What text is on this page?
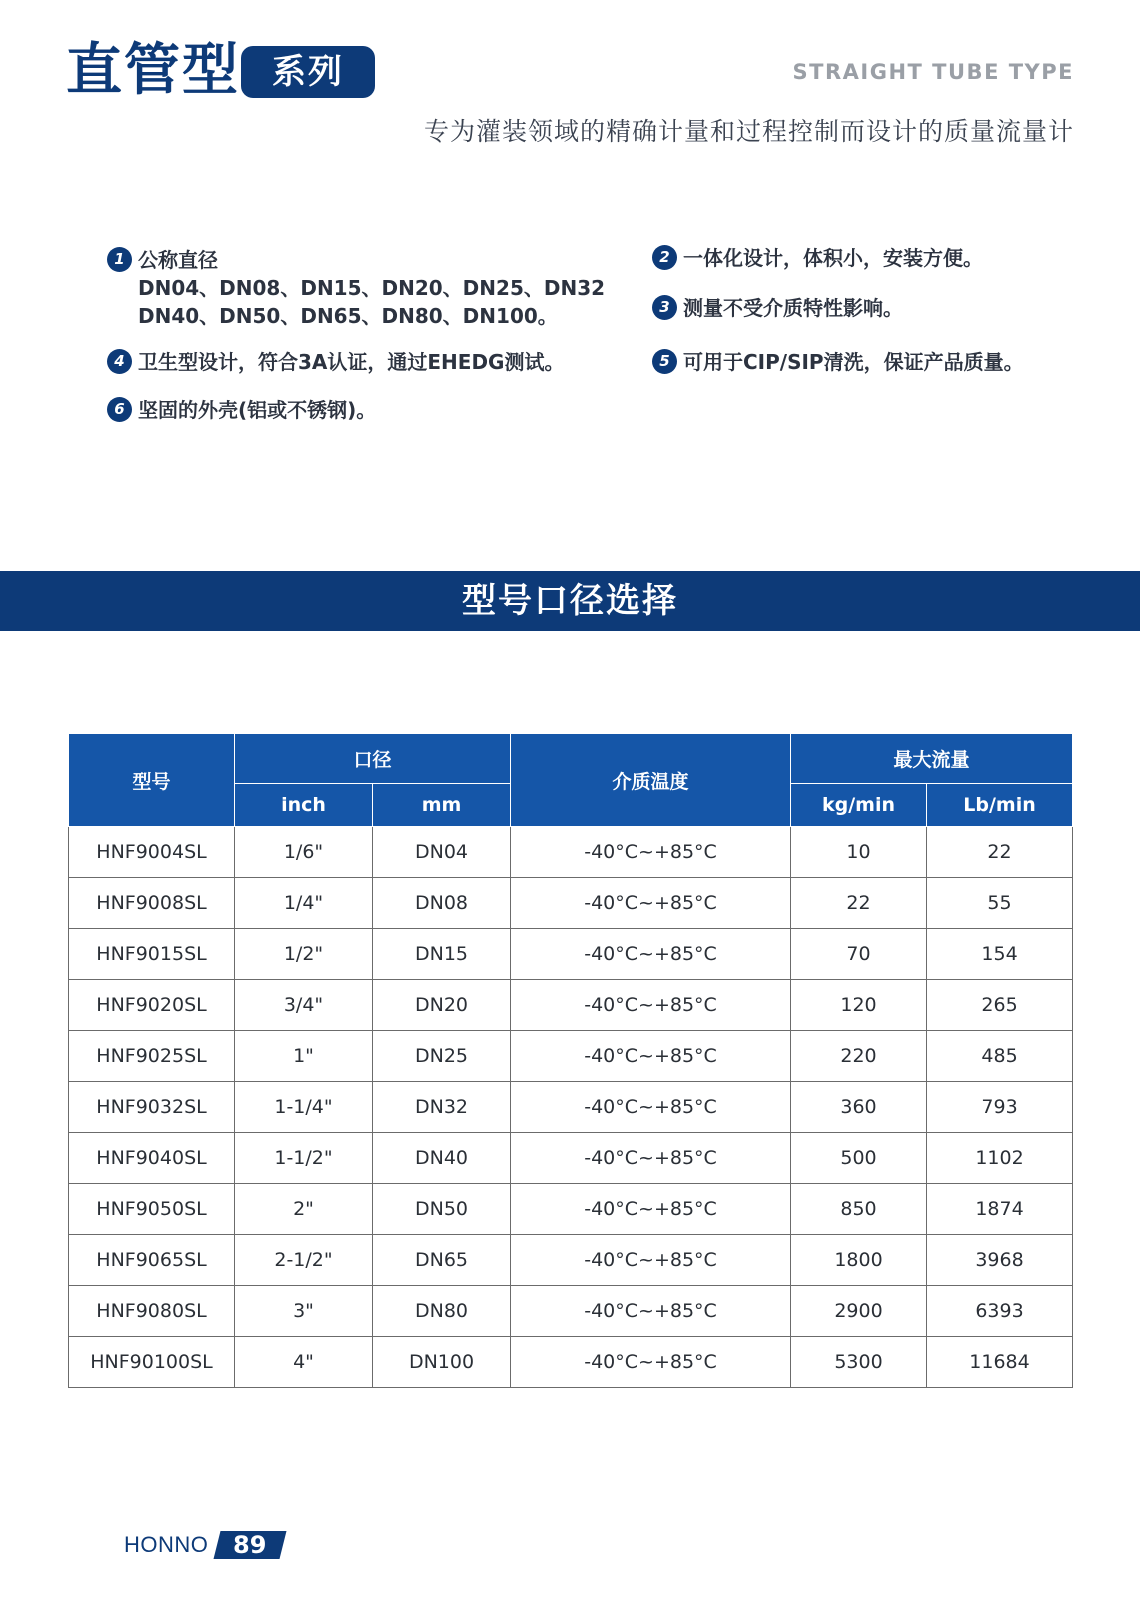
直管型 系列	STRAIGHT TUBE TYPE
专为灌装领域的精确计量和过程控制而设计的质量流量计
1 公称直径
DN04、DN08、DN15、DN20、DN25、DN32
DN40、DN50、DN65、DN80、DN100。
2 一体化设计，体积小，安装方便。
3 测量不受介质特性影响。
4 卫生型设计，符合3A认证，通过EHEDG测试。	5 可用于CIP/SIP清洗，保证产品质量。
6 坚固的外壳(铝或不锈钢)。
型号口径选择
型号	口径		介质温度	最大流量	
	inch	mm		kg/min	Lb/min
HNF9004SL	1/6"	DN04	-40°C~+85°C	10	22
HNF9008SL	1/4"	DN08	-40°C~+85°C	22	55
HNF9015SL	1/2"	DN15	-40°C~+85°C	70	154
HNF9020SL	3/4"	DN20	-40°C~+85°C	120	265
HNF9025SL	1"	DN25	-40°C~+85°C	220	485
HNF9032SL	1-1/4"	DN32	-40°C~+85°C	360	793
HNF9040SL	1-1/2"	DN40	-40°C~+85°C	500	1102
HNF9050SL	2"	DN50	-40°C~+85°C	850	1874
HNF9065SL	2-1/2"	DN65	-40°C~+85°C	1800	3968
HNF9080SL	3"	DN80	-40°C~+85°C	2900	6393
HNF90100SL	4"	DN100	-40°C~+85°C	5300	11684
HONNO	89
